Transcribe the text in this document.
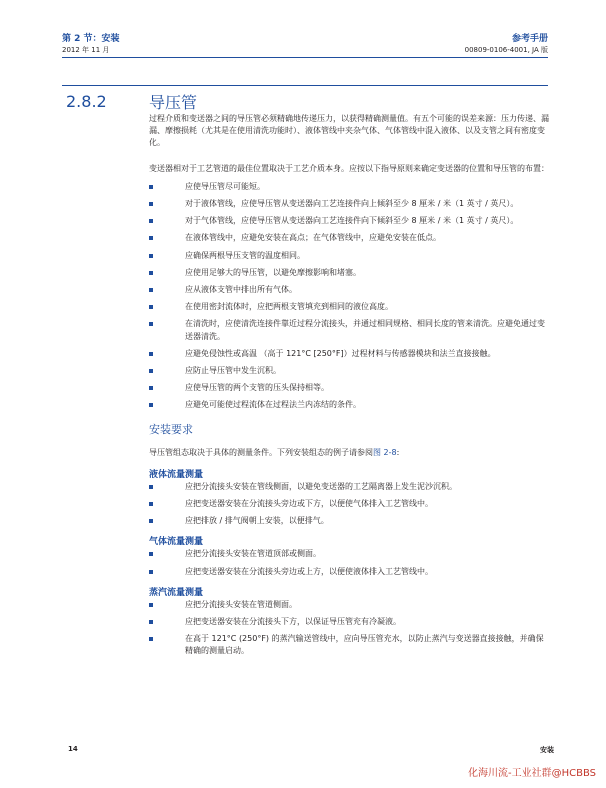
第 2 节：安装
2012 年 11 月
参考手册
00809-0106-4001, JA 版
2.8.2	导压管

过程介质和变送器之间的导压管必须精确地传递压力，以获得精确测量值。有五个可能的误差来源：压力传递、漏漏、摩擦损耗（尤其是在使用清洗功能时）、液体管线中夹杂气体、气体管线中混入液体、以及支管之间有密度变化。

变送器相对于工艺管道的最佳位置取决于工艺介质本身。应按以下指导原则来确定变送器的位置和导压管的布置：

应使导压管尽可能短。
对于液体管线，应使导压管从变送器向工艺连接件向上倾斜至少 8 厘米 / 米（1 英寸 / 英尺）。
对于气体管线，应使导压管从变送器向工艺连接件向下倾斜至少 8 厘米 / 米（1 英寸 / 英尺）。
在液体管线中，应避免安装在高点；在气体管线中，应避免安装在低点。
应确保两根导压支管的温度相同。
应使用足够大的导压管，以避免摩擦影响和堵塞。
应从液体支管中排出所有气体。
在使用密封流体时，应把两根支管填充到相同的液位高度。
在清洗时，应使清洗连接件靠近过程分流接头，并通过相同规格、相同长度的管来清洗。应避免通过变送器清洗。
应避免侵蚀性或高温 （高于 121°C [250°F]）过程材料与传感器模块和法兰直接接触。
应防止导压管中发生沉积。
应使导压管的两个支管的压头保持相等。
应避免可能使过程流体在过程法兰内冻结的条件。
安装要求

导压管组态取决于具体的测量条件。下列安装组态的例子请参阅图 2-8:

液体流量测量
应把分流接头安装在管线侧面，以避免变送器的工艺隔离器上发生泥沙沉积。
应把变送器安装在分流接头旁边或下方，以便使气体排入工艺管线中。
应把排放 / 排气阀朝上安装，以便排气。
气体流量测量
应把分流接头安装在管道顶部或侧面。
应把变送器安装在分流接头旁边或上方，以便使液体排入工艺管线中。
蒸汽流量测量
应把分流接头安装在管道侧面。
应把变送器安装在分流接头下方，以保证导压管充有冷凝液。
在高于 121°C (250°F) 的蒸汽输送管线中，应向导压管充水，以防止蒸汽与变送器直接接触，并确保精确的测量启动。
14	安装
化海川流-工业社群@HCBBS
